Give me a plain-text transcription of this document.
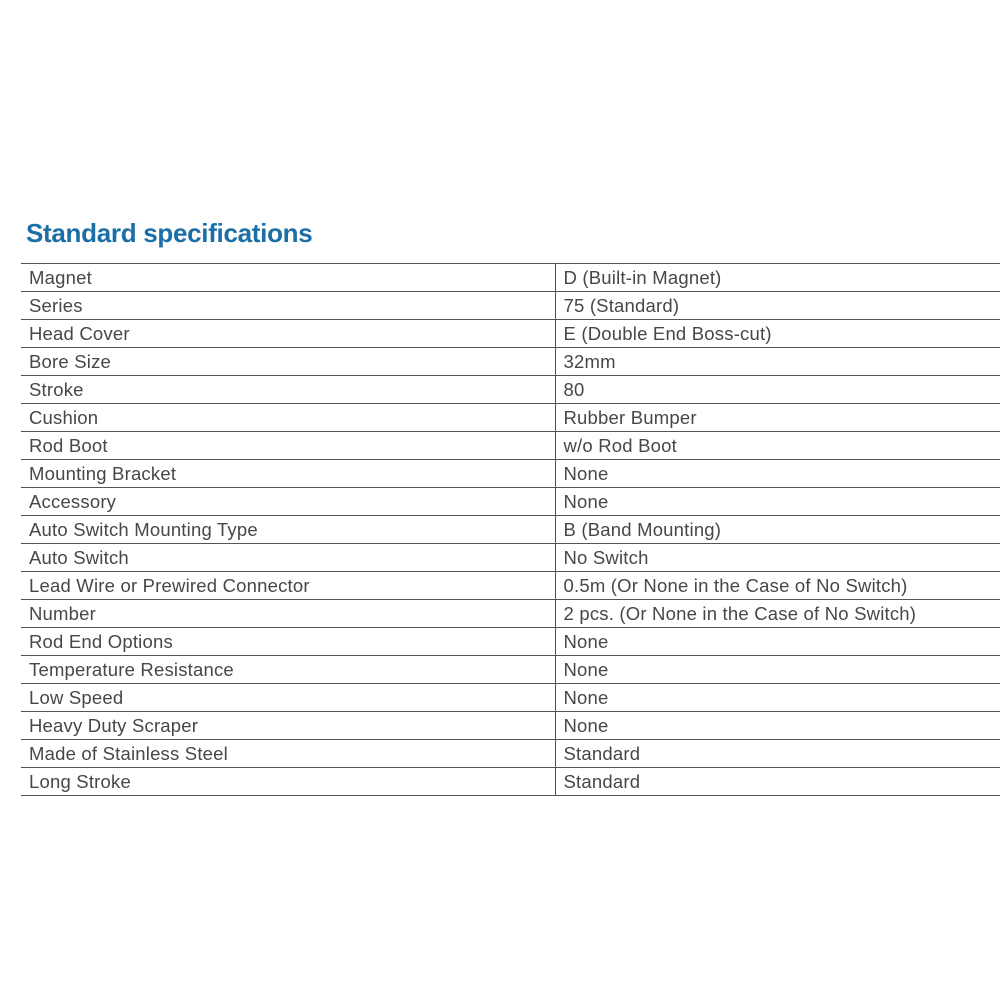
Standard specifications
Magnet	D (Built-in Magnet)
Series	75 (Standard)
Head Cover	E (Double End Boss-cut)
Bore Size	32mm
Stroke	80
Cushion	Rubber Bumper
Rod Boot	w/o Rod Boot
Mounting Bracket	None
Accessory	None
Auto Switch Mounting Type	B (Band Mounting)
Auto Switch	No Switch
Lead Wire or Prewired Connector	0.5m (Or None in the Case of No Switch)
Number	2 pcs. (Or None in the Case of No Switch)
Rod End Options	None
Temperature Resistance	None
Low Speed	None
Heavy Duty Scraper	None
Made of Stainless Steel	Standard
Long Stroke	Standard
